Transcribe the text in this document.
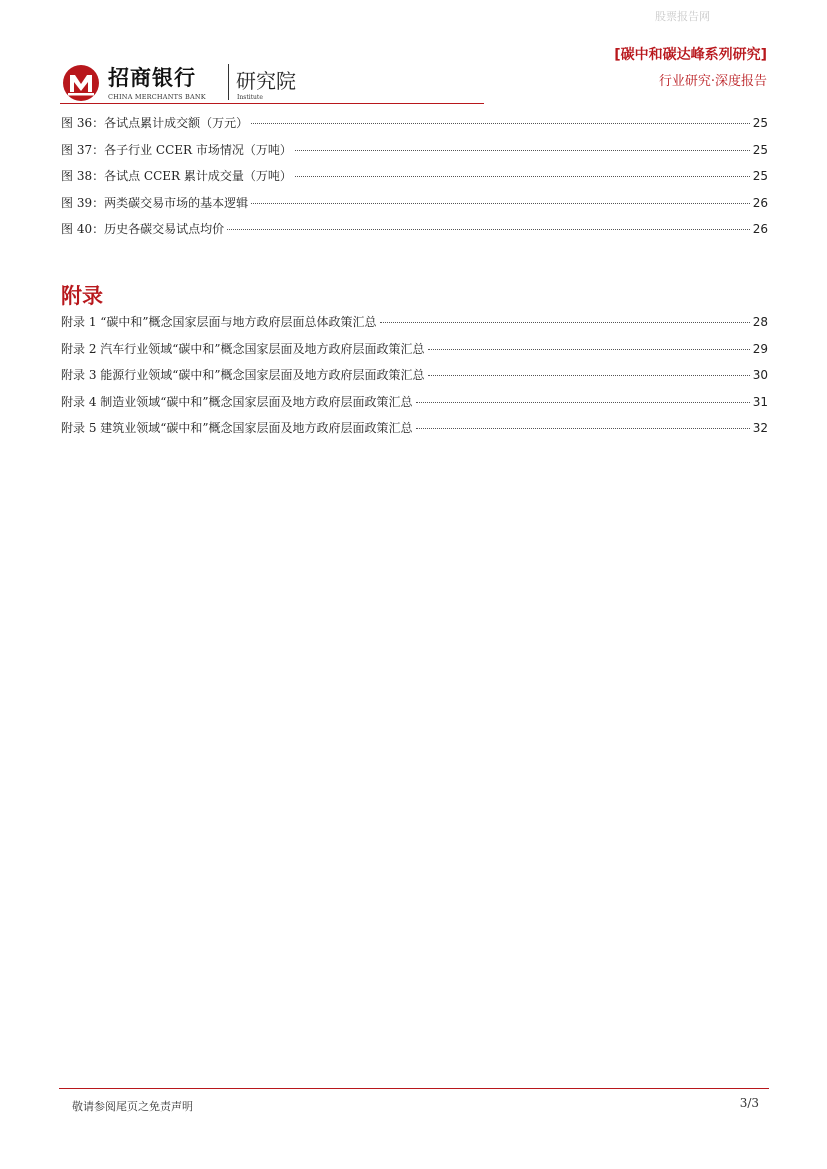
股票报告网
招商银行
CHINA MERCHANTS BANK
研究院
Institute
[碳中和碳达峰系列研究]
行业研究·深度报告
图 36：各试点累计成交额（万元）	25
图 37：各子行业 CCER 市场情况（万吨）	25
图 38：各试点 CCER 累计成交量（万吨）	25
图 39：两类碳交易市场的基本逻辑	26
图 40：历史各碳交易试点均价	26
附录
附录 1 “碳中和”概念国家层面与地方政府层面总体政策汇总	28
附录 2 汽车行业领域“碳中和”概念国家层面及地方政府层面政策汇总	29
附录 3 能源行业领域“碳中和”概念国家层面及地方政府层面政策汇总	30
附录 4 制造业领域“碳中和”概念国家层面及地方政府层面政策汇总	31
附录 5 建筑业领域“碳中和”概念国家层面及地方政府层面政策汇总	32
敬请参阅尾页之免责声明	3/3
